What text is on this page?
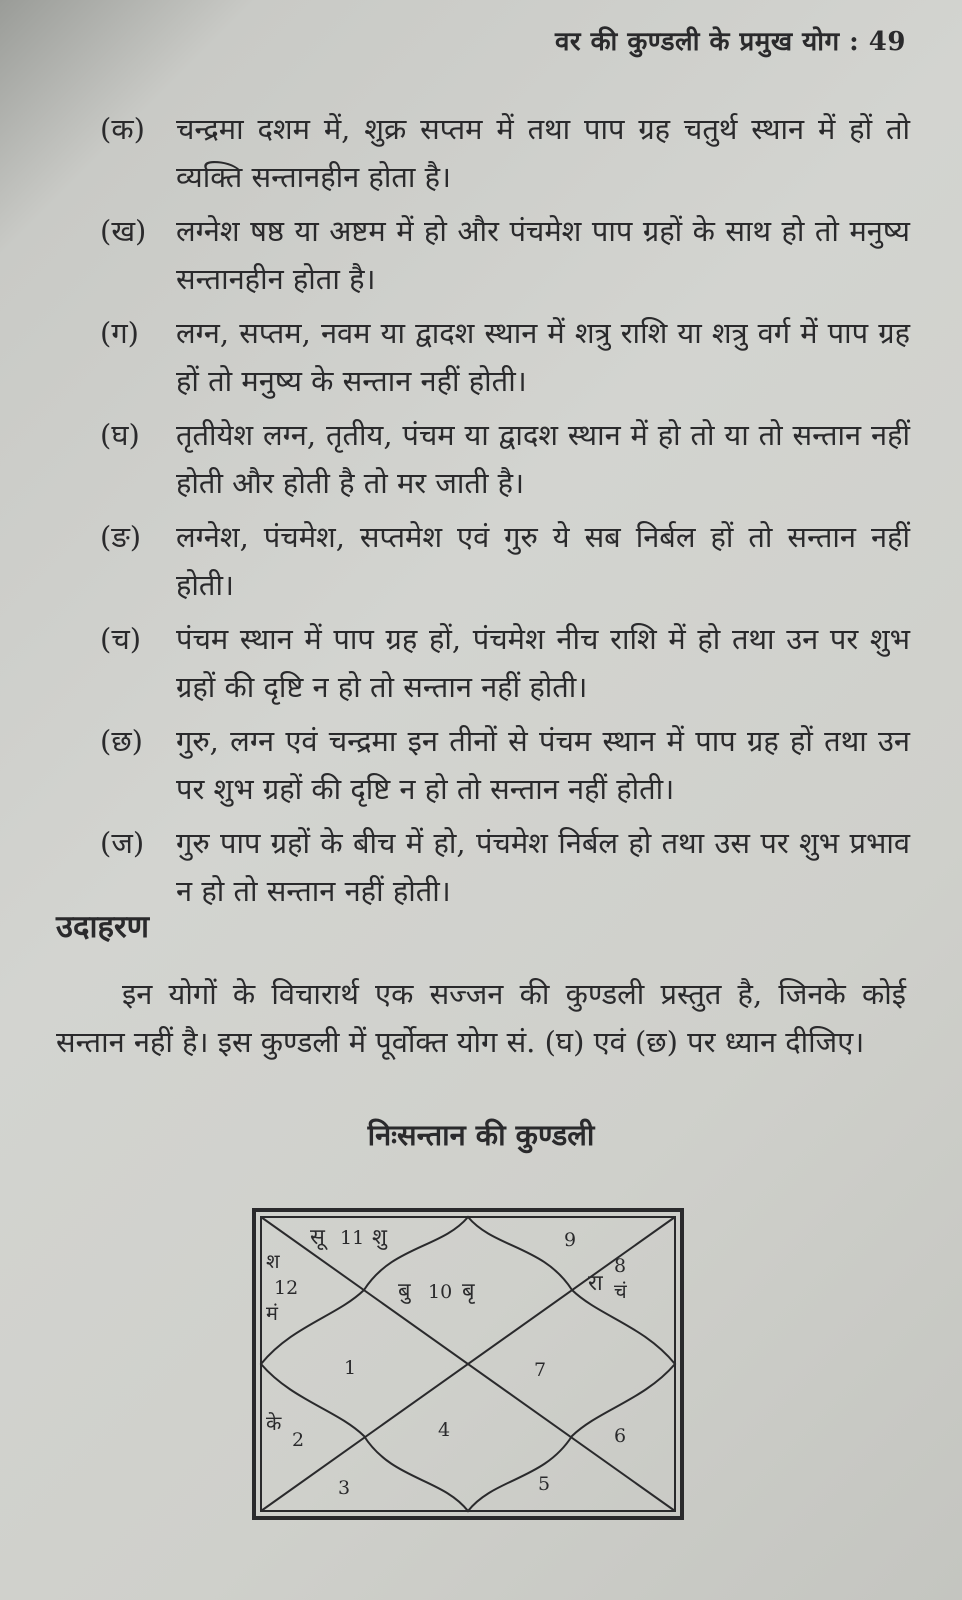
वर की कुण्डली के प्रमुख योग : 49
(क) चन्द्रमा दशम में, शुक्र सप्तम में तथा पाप ग्रह चतुर्थ स्थान में हों तो व्यक्ति सन्तानहीन होता है।
(ख) लग्नेश षष्ठ या अष्टम में हो और पंचमेश पाप ग्रहों के साथ हो तो मनुष्य सन्तानहीन होता है।
(ग) लग्न, सप्तम, नवम या द्वादश स्थान में शत्रु राशि या शत्रु वर्ग में पाप ग्रह हों तो मनुष्य के सन्तान नहीं होती।
(घ) तृतीयेश लग्न, तृतीय, पंचम या द्वादश स्थान में हो तो या तो सन्तान नहीं होती और होती है तो मर जाती है।
(ङ) लग्नेश, पंचमेश, सप्तमेश एवं गुरु ये सब निर्बल हों तो सन्तान नहीं होती।
(च) पंचम स्थान में पाप ग्रह हों, पंचमेश नीच राशि में हो तथा उन पर शुभ ग्रहों की दृष्टि न हो तो सन्तान नहीं होती।
(छ) गुरु, लग्न एवं चन्द्रमा इन तीनों से पंचम स्थान में पाप ग्रह हों तथा उन पर शुभ ग्रहों की दृष्टि न हो तो सन्तान नहीं होती।
(ज) गुरु पाप ग्रहों के बीच में हो, पंचमेश निर्बल हो तथा उस पर शुभ प्रभाव न हो तो सन्तान नहीं होती।
उदाहरण
इन योगों के विचारार्थ एक सज्जन की कुण्डली प्रस्तुत है, जिनके कोई सन्तान नहीं है। इस कुण्डली में पूर्वोक्त योग सं. (घ) एवं (छ) पर ध्यान दीजिए।
निःसन्तान की कुण्डली
सू 11 शु
श
12
मं
बु 10 बृ
9
रा
8
चं
1	7
के
2	4	6
3	5
